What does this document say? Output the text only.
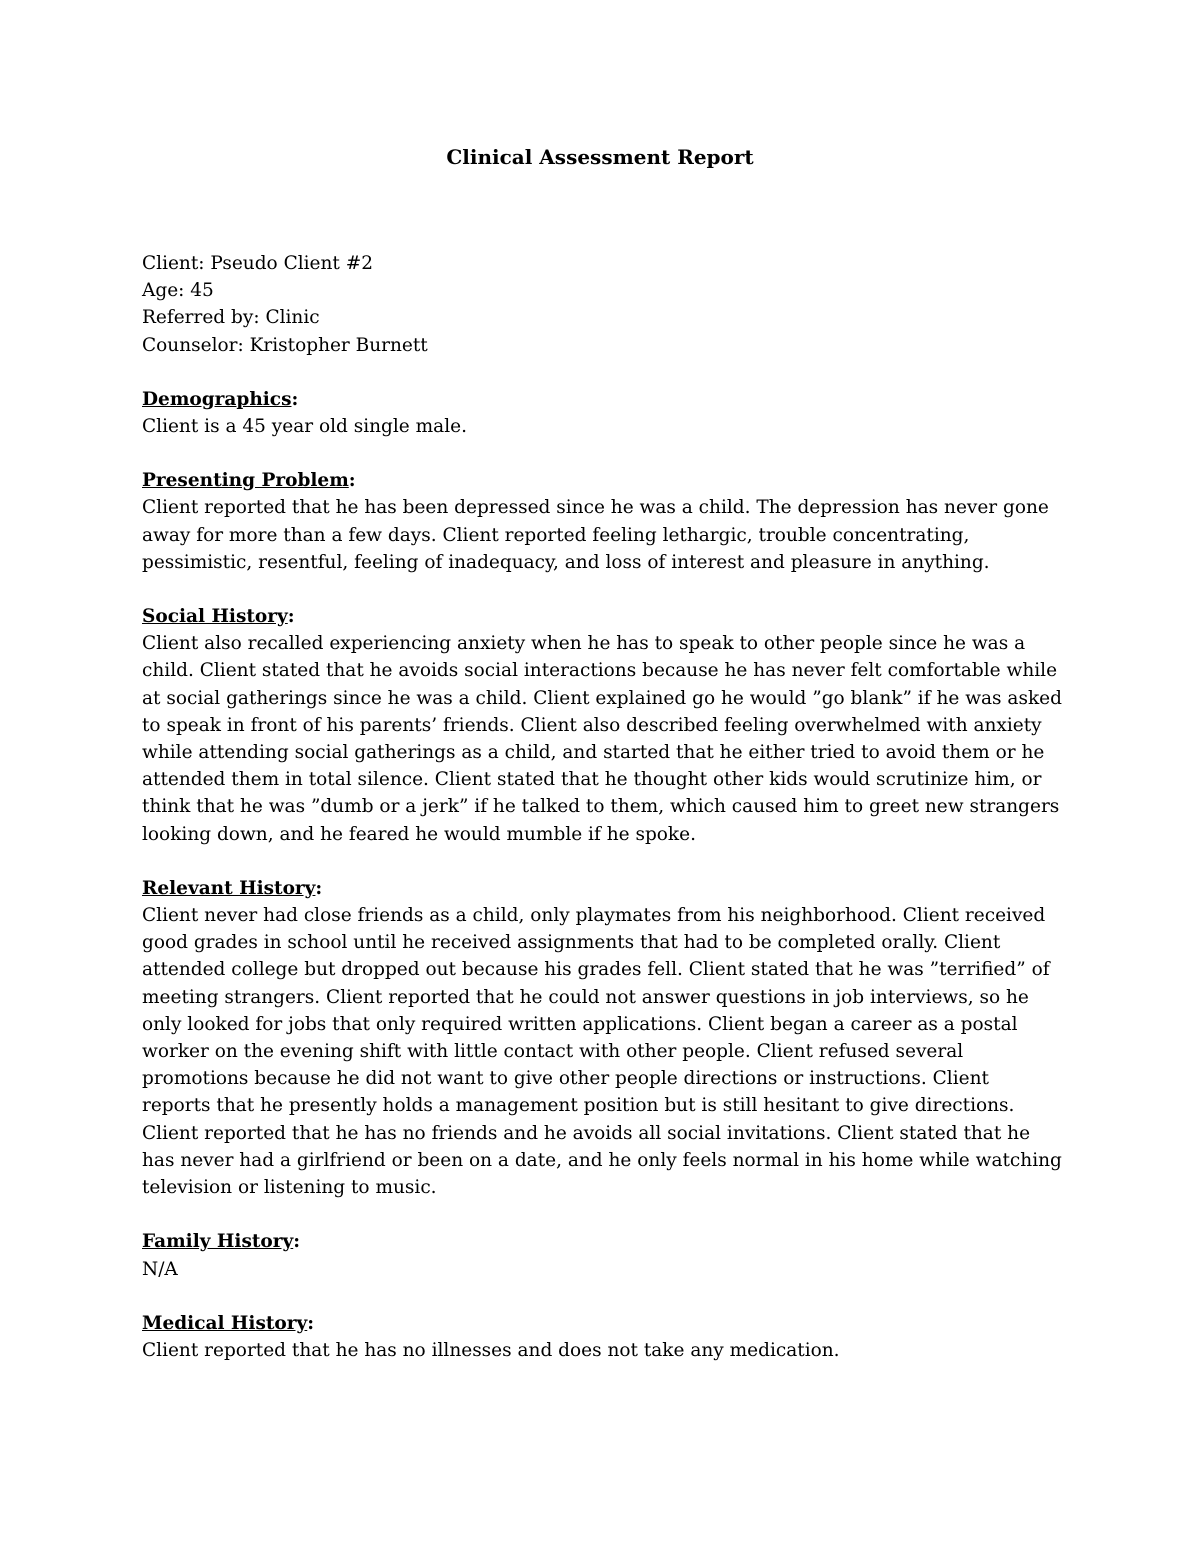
Clinical Assessment Report

Client: Pseudo Client #2

Age: 45

Referred by: Clinic

Counselor: Kristopher Burnett

Demographics:

Client is a 45 year old single male.

Presenting Problem:

Client reported that he has been depressed since he was a child. The depression has never gone away for more than a few days. Client reported feeling lethargic, trouble concentrating, pessimistic, resentful, feeling of inadequacy, and loss of interest and pleasure in anything.

Social History:

Client also recalled experiencing anxiety when he has to speak to other people since he was a child. Client stated that he avoids social interactions because he has never felt comfortable while at social gatherings since he was a child. Client explained go he would ”go blank” if he was asked to speak in front of his parents’ friends. Client also described feeling overwhelmed with anxiety while attending social gatherings as a child, and started that he either tried to avoid them or he attended them in total silence. Client stated that he thought other kids would scrutinize him, or think that he was ”dumb or a jerk” if he talked to them, which caused him to greet new strangers looking down, and he feared he would mumble if he spoke.

Relevant History:

Client never had close friends as a child, only playmates from his neighborhood. Client received good grades in school until he received assignments that had to be completed orally. Client attended college but dropped out because his grades fell. Client stated that he was ”terrified” of meeting strangers. Client reported that he could not answer questions in job interviews, so he only looked for jobs that only required written applications. Client began a career as a postal worker on the evening shift with little contact with other people. Client refused several promotions because he did not want to give other people directions or instructions. Client reports that he presently holds a management position but is still hesitant to give directions. Client reported that he has no friends and he avoids all social invitations. Client stated that he has never had a girlfriend or been on a date, and he only feels normal in his home while watching television or listening to music.

Family History:

N/A

Medical History:

Client reported that he has no illnesses and does not take any medication.
